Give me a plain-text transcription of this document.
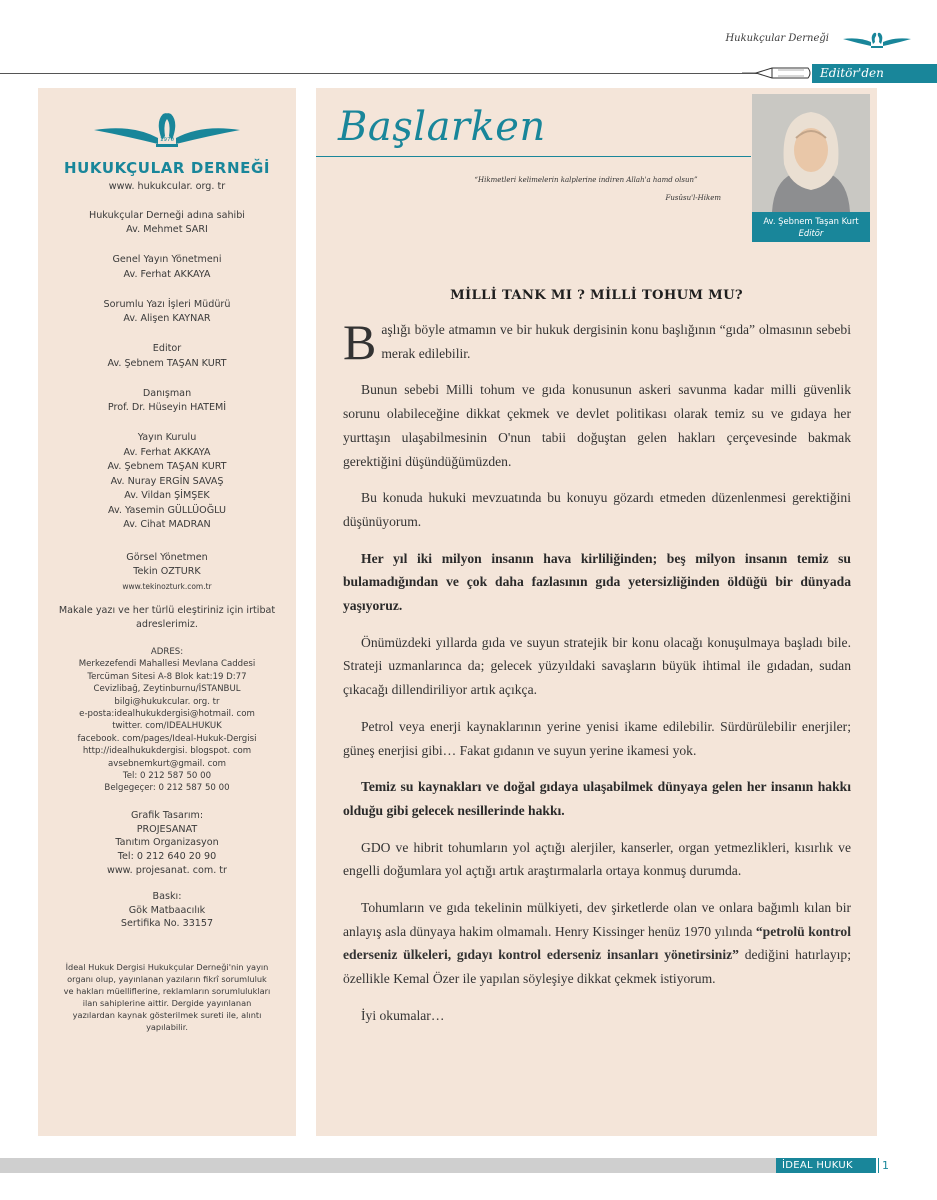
Hukukçular Derneği
Editör'den
1970
HUKUKÇULAR DERNEĞİ
www. hukukcular. org. tr
Hukukçular Derneği adına sahibi
Av. Mehmet SARI
Genel Yayın Yönetmeni
Av. Ferhat AKKAYA
Sorumlu Yazı İşleri Müdürü
Av. Alişen KAYNAR
Editor
Av. Şebnem TAŞAN KURT
Danışman
Prof. Dr. Hüseyin HATEMİ
Yayın Kurulu
Av. Ferhat AKKAYA
Av. Şebnem TAŞAN KURT
Av. Nuray ERGİN SAVAŞ
Av. Vildan ŞİMŞEK
Av. Yasemin GÜLLÜOĞLU
Av. Cihat MADRAN
Görsel Yönetmen
Tekin OZTURK
www.tekinozturk.com.tr
Makale yazı ve her türlü eleştiriniz için irtibat adreslerimiz.
ADRES:
Merkezefendi Mahallesi Mevlana Caddesi
Tercüman Sitesi A-8 Blok kat:19 D:77
Cevizlibağ, Zeytinburnu/İSTANBUL
bilgi@hukukcular. org. tr
e-posta:idealhukukdergisi@hotmail. com
twitter. com/IDEALHUKUK
facebook. com/pages/Ideal-Hukuk-Dergisi
http://idealhukukdergisi. blogspot. com
avsebnemkurt@gmail. com
Tel: 0 212 587 50 00
Belgegeçer: 0 212 587 50 00
Grafik Tasarım:
PROJESANAT
Tanıtım Organizasyon
Tel: 0 212 640 20 90
www. projesanat. com. tr
Baskı:
Gök Matbaacılık
Sertifika No. 33157
İdeal Hukuk Dergisi Hukukçular Derneği'nin yayın organı olup, yayınlanan yazıların fikrî sorumluluk ve hakları müelliflerine, reklamların sorumlulukları ilan sahiplerine aittir. Dergide yayınlanan yazılardan kaynak gösterilmek sureti ile, alıntı yapılabilir.
Başlarken
“Hikmetleri kelimelerin kalplerine indiren Allah'a hamd olsun”
Fusûsu'l-Hikem
Av. Şebnem Taşan Kurt
Editör
MİLLİ TANK MI ? MİLLİ TOHUM MU?

Başlığı böyle atmamın ve bir hukuk dergisinin konu başlığının “gıda” olmasının sebebi merak edilebilir.

Bunun sebebi Milli tohum ve gıda konusunun askeri savunma kadar milli güvenlik sorunu olabileceğine dikkat çekmek ve devlet politikası olarak temiz su ve gıdaya her yurttaşın ulaşabilmesinin O'nun tabii doğuştan gelen hakları çerçevesinde bakmak gerektiğini düşündüğümüzden.

Bu konuda hukuki mevzuatında bu konuyu gözardı etmeden düzenlenmesi gerektiğini düşünüyorum.

Her yıl iki milyon insanın hava kirliliğinden; beş milyon insanın temiz su bulamadığından ve çok daha fazlasının gıda yetersizliğinden öldüğü bir dünyada yaşıyoruz.

Önümüzdeki yıllarda gıda ve suyun stratejik bir konu olacağı konuşulmaya başladı bile. Strateji uzmanlarınca da; gelecek yüzyıldaki savaşların büyük ihtimal ile gıdadan, sudan çıkacağı dillendiriliyor artık açıkça.

Petrol veya enerji kaynaklarının yerine yenisi ikame edilebilir. Sürdürülebilir enerjiler; güneş enerjisi gibi… Fakat gıdanın ve suyun yerine ikamesi yok.

Temiz su kaynakları ve doğal gıdaya ulaşabilmek dünyaya gelen her insanın hakkı olduğu gibi gelecek nesillerinde hakkı.

GDO ve hibrit tohumların yol açtığı alerjiler, kanserler, organ yetmezlikleri, kısırlık ve engelli doğumlara yol açtığı artık araştırmalarla ortaya konmuş durumda.

Tohumların ve gıda tekelinin mülkiyeti, dev şirketlerde olan ve onlara bağımlı kılan bir anlayış asla dünyaya hakim olmamalı. Henry Kissinger henüz 1970 yılında “petrolü kontrol ederseniz ülkeleri, gıdayı kontrol ederseniz insanları yönetirsiniz” dediğini hatırlayıp; özellikle Kemal Özer ile yapılan söyleşiye dikkat çekmek istiyorum.

İyi okumalar…

İDEAL HUKUK	1
